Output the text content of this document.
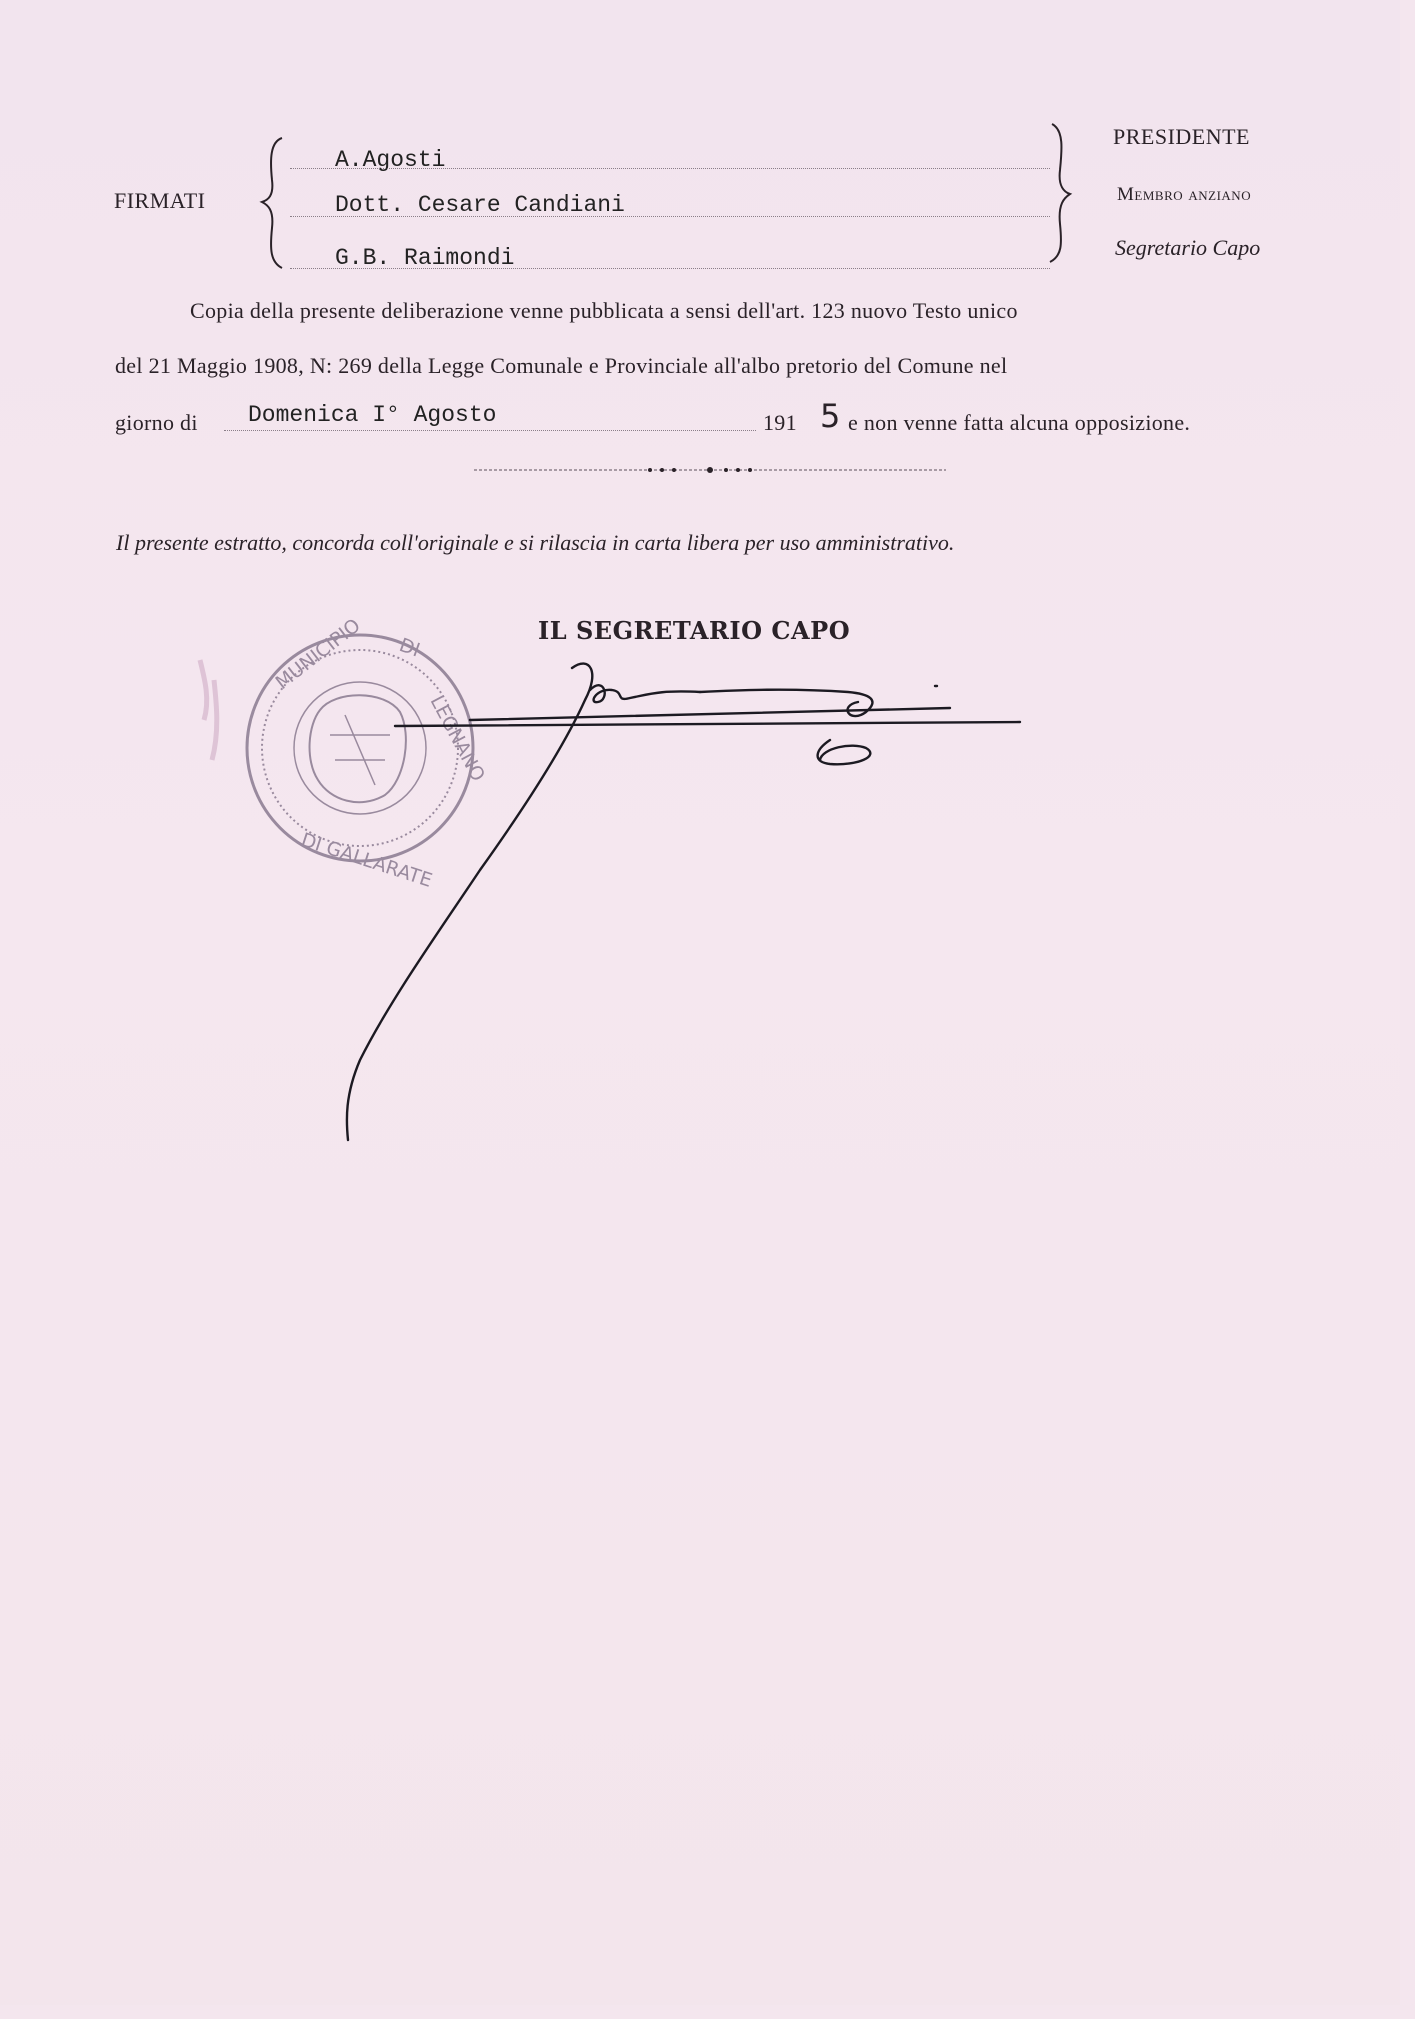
FIRMATI
A.Agosti
Dott. Cesare Candiani
G.B. Raimondi
PRESIDENTE
Membro anziano
Segretario Capo
Copia della presente deliberazione venne pubblicata a sensi dell'art. 123 nuovo Testo unico
del 21 Maggio 1908, N: 269 della Legge Comunale e Provinciale all'albo pretorio del Comune nel
giorno di Domenica I° Agosto	191 5 e non venne fatta alcuna opposizione.
Il presente estratto, concorda coll'originale e si rilascia in carta libera per uso amministrativo.
IL SEGRETARIO CAPO
MUNICIPIO DI
LEGNANO
DI GALLARATE
